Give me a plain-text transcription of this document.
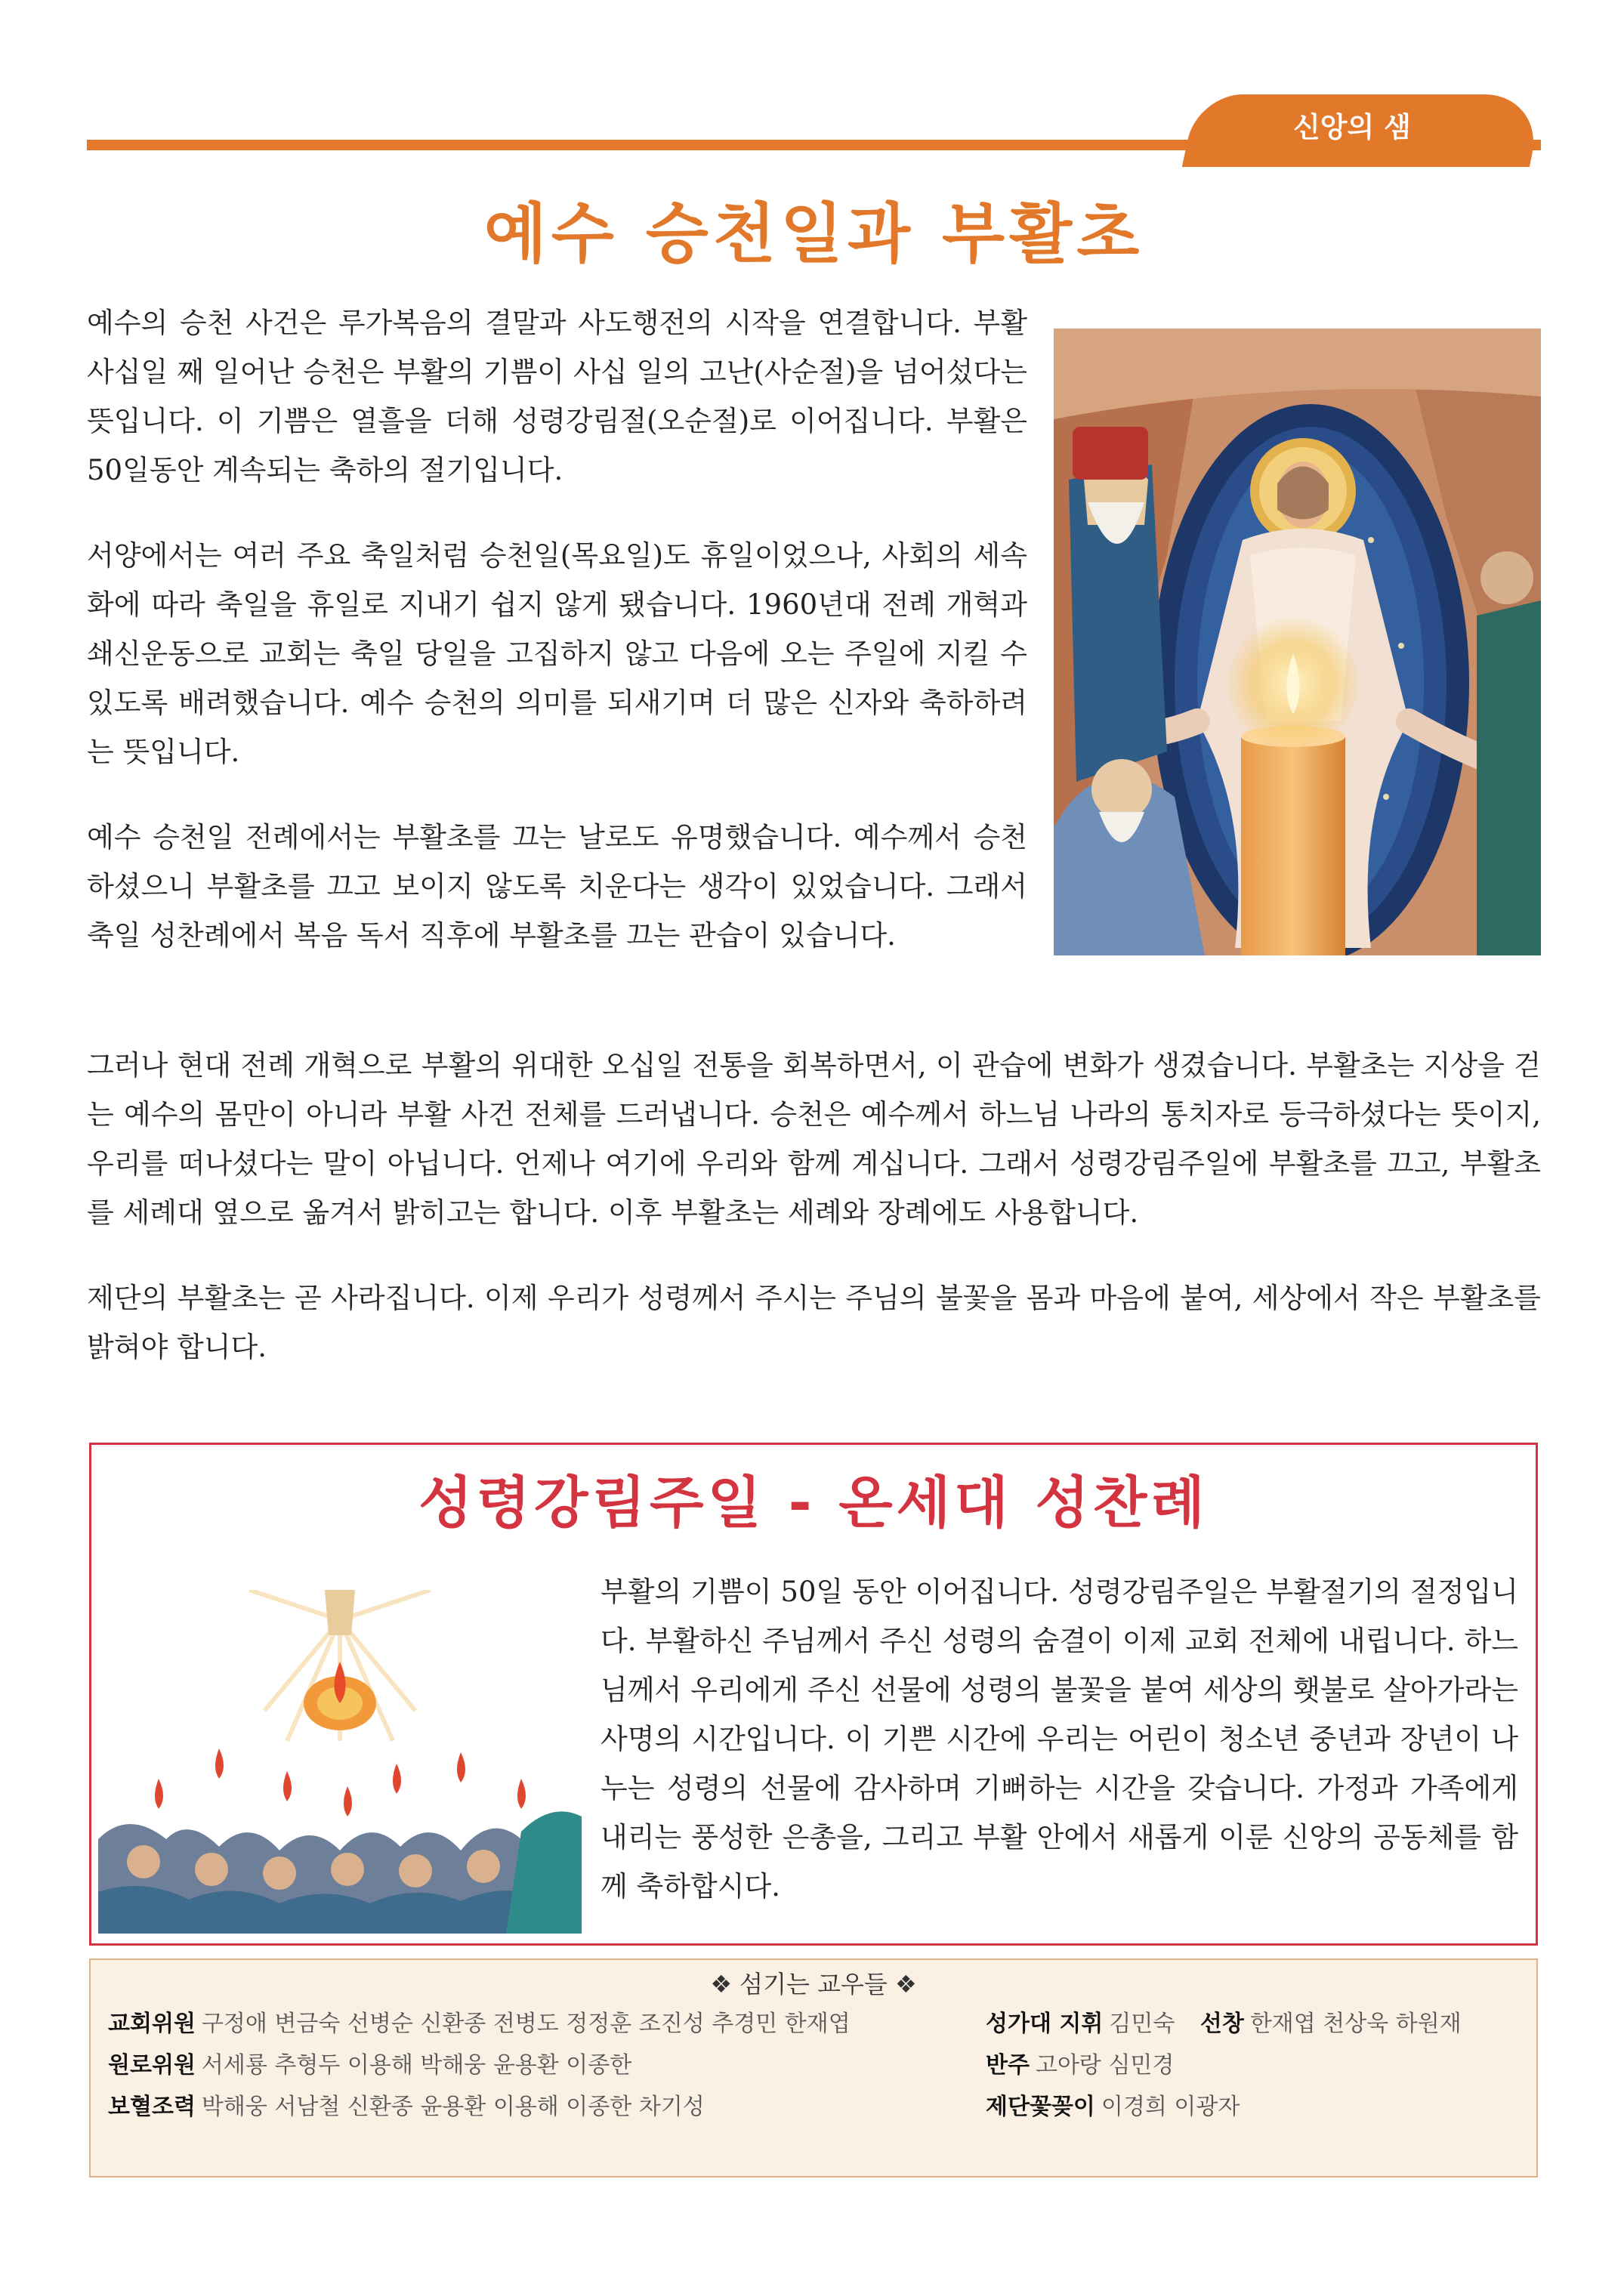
신앙의 샘
예수 승천일과 부활초

예수의 승천 사건은 루가복음의 결말과 사도행전의 시작을 연결합니다. 부활 사십일 째 일어난 승천은 부활의 기쁨이 사십 일의 고난(사순절)을 넘어섰다는 뜻입니다. 이 기쁨은 열흘을 더해 성령강림절(오순절)로 이어집니다. 부활은 50일동안 계속되는 축하의 절기입니다.

서양에서는 여러 주요 축일처럼 승천일(목요일)도 휴일이었으나, 사회의 세속화에 따라 축일을 휴일로 지내기 쉽지 않게 됐습니다. 1960년대 전례 개혁과 쇄신운동으로 교회는 축일 당일을 고집하지 않고 다음에 오는 주일에 지킬 수 있도록 배려했습니다. 예수 승천의 의미를 되새기며 더 많은 신자와 축하하려는 뜻입니다.

예수 승천일 전례에서는 부활초를 끄는 날로도 유명했습니다. 예수께서 승천하셨으니 부활초를 끄고 보이지 않도록 치운다는 생각이 있었습니다. 그래서 축일 성찬례에서 복음 독서 직후에 부활초를 끄는 관습이 있습니다.

그러나 현대 전례 개혁으로 부활의 위대한 오십일 전통을 회복하면서, 이 관습에 변화가 생겼습니다. 부활초는 지상을 걷는 예수의 몸만이 아니라 부활 사건 전체를 드러냅니다. 승천은 예수께서 하느님 나라의 통치자로 등극하셨다는 뜻이지, 우리를 떠나셨다는 말이 아닙니다. 언제나 여기에 우리와 함께 계십니다. 그래서 성령강림주일에 부활초를 끄고, 부활초를 세례대 옆으로 옮겨서 밝히고는 합니다. 이후 부활초는 세례와 장례에도 사용합니다.

제단의 부활초는 곧 사라집니다. 이제 우리가 성령께서 주시는 주님의 불꽃을 몸과 마음에 붙여, 세상에서 작은 부활초를 밝혀야 합니다.

성령강림주일 - 온세대 성찬례

부활의 기쁨이 50일 동안 이어집니다. 성령강림주일은 부활절기의 절정입니다. 부활하신 주님께서 주신 성령의 숨결이 이제 교회 전체에 내립니다. 하느님께서 우리에게 주신 선물에 성령의 불꽃을 붙여 세상의 횃불로 살아가라는 사명의 시간입니다. 이 기쁜 시간에 우리는 어린이 청소년 중년과 장년이 나누는 성령의 선물에 감사하며 기뻐하는 시간을 갖습니다. 가정과 가족에게 내리는 풍성한 은총을, 그리고 부활 안에서 새롭게 이룬 신앙의 공동체를 함께 축하합시다.

❖ 섬기는 교우들 ❖
교회위원 구정애 변금숙 선병순 신환종 전병도 정정훈 조진성 추경민 한재엽
원로위원 서세룡 추형두 이용해 박해웅 윤용환 이종한
보혈조력 박해웅 서남철 신환종 윤용환 이용해 이종한 차기성
성가대 지휘 김민숙 선창 한재엽 천상욱 하원재
반주 고아랑 심민경
제단꽃꽂이 이경희 이광자
